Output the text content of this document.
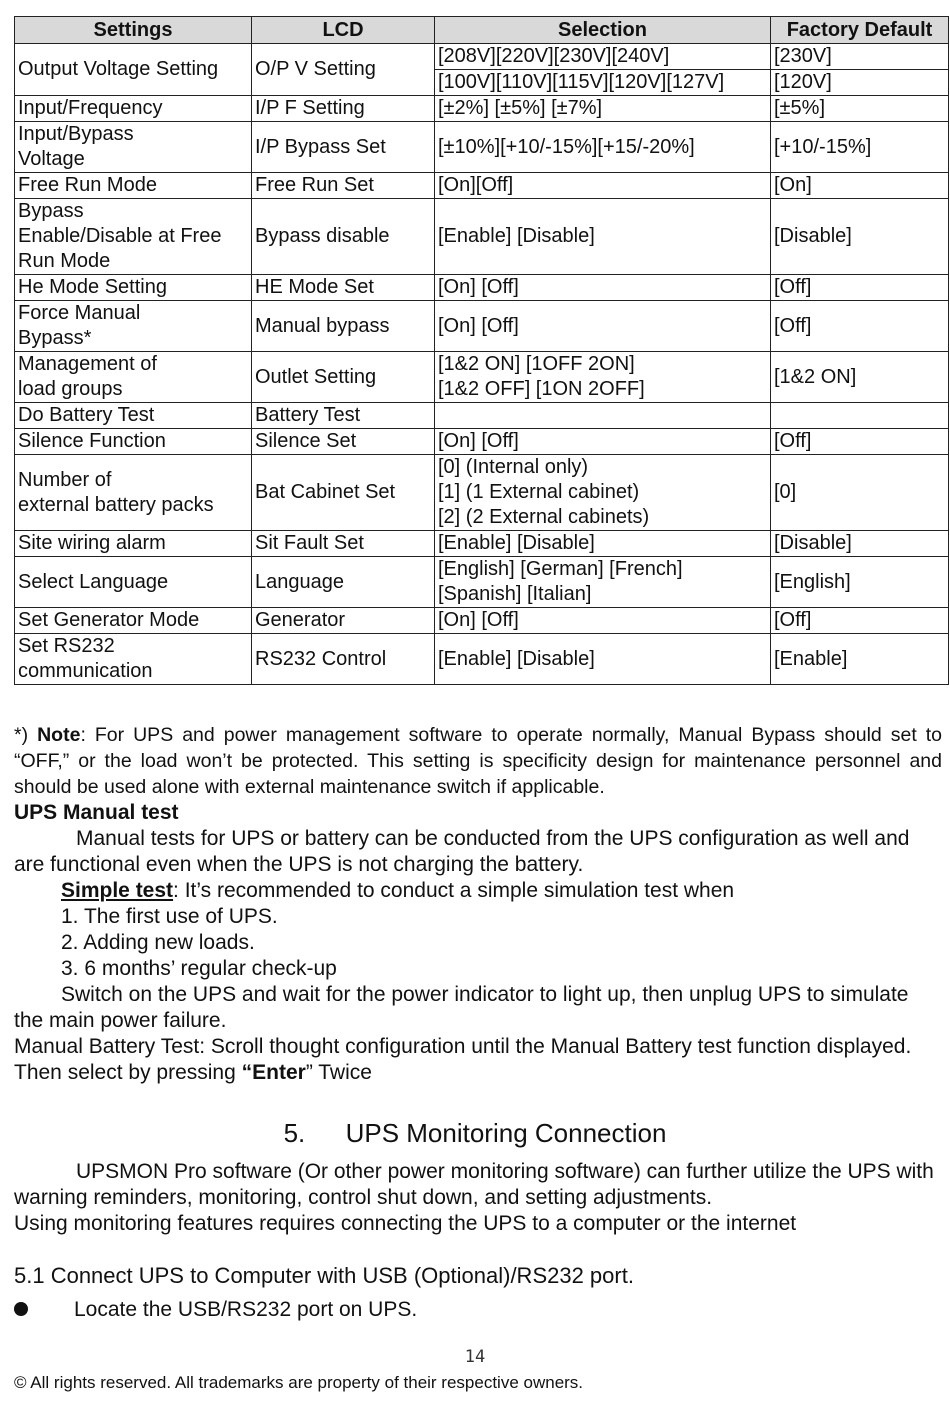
Settings	LCD	Selection	Factory Default
Output Voltage Setting	O/P V Setting	[208V][220V][230V][240V]	[230V]
		[100V][110V][115V][120V][127V]	[120V]
Input/Frequency	I/P F Setting	[±2%] [±5%] [±7%]	[±5%]
Input/Bypass
Voltage	I/P Bypass Set	[±10%][+10/-15%][+15/-20%]	[+10/-15%]
Free Run Mode	Free Run Set	[On][Off]	[On]
Bypass
Enable/Disable at Free
Run Mode	Bypass disable	[Enable] [Disable]	[Disable]
He Mode Setting	HE Mode Set	[On] [Off]	[Off]
Force Manual
Bypass*	Manual bypass	[On] [Off]	[Off]
Management of
load groups	Outlet Setting	[1&2 ON] [1OFF 2ON]
[1&2 OFF] [1ON 2OFF]	[1&2 ON]
Do Battery Test	Battery Test		
Silence Function	Silence Set	[On] [Off]	[Off]
Number of
external battery packs	Bat Cabinet Set	[0] (Internal only)
[1] (1 External cabinet)
[2] (2 External cabinets)	[0]
Site wiring alarm	Sit Fault Set	[Enable] [Disable]	[Disable]
Select Language	Language	[English] [German] [French]
[Spanish] [Italian]	[English]
Set Generator Mode	Generator	[On] [Off]	[Off]
Set RS232
communication	RS232 Control	[Enable] [Disable]	[Enable]
*) Note: For UPS and power management software to operate normally, Manual Bypass should set to “OFF,” or the load won’t be protected. This setting is specificity design for maintenance personnel and should be used alone with external maintenance switch if applicable.

UPS Manual test

Manual tests for UPS or battery can be conducted from the UPS configuration as well and are functional even when the UPS is not charging the battery.

Simple test: It’s recommended to conduct a simple simulation test when

1. The first use of UPS.

2. Adding new loads.

3. 6 months’ regular check-up

Switch on the UPS and wait for the power indicator to light up, then unplug UPS to simulate the main power failure.

Manual Battery Test: Scroll thought configuration until the Manual Battery test function displayed. Then select by pressing “Enter” Twice

5. UPS Monitoring Connection

UPSMON Pro software (Or other power monitoring software) can further utilize the UPS with warning reminders, monitoring, control shut down, and setting adjustments.

Using monitoring features requires connecting the UPS to a computer or the internet

5.1 Connect UPS to Computer with USB (Optional)/RS232 port.
Locate the USB/RS232 port on UPS.
14
© All rights reserved. All trademarks are property of their respective owners.
